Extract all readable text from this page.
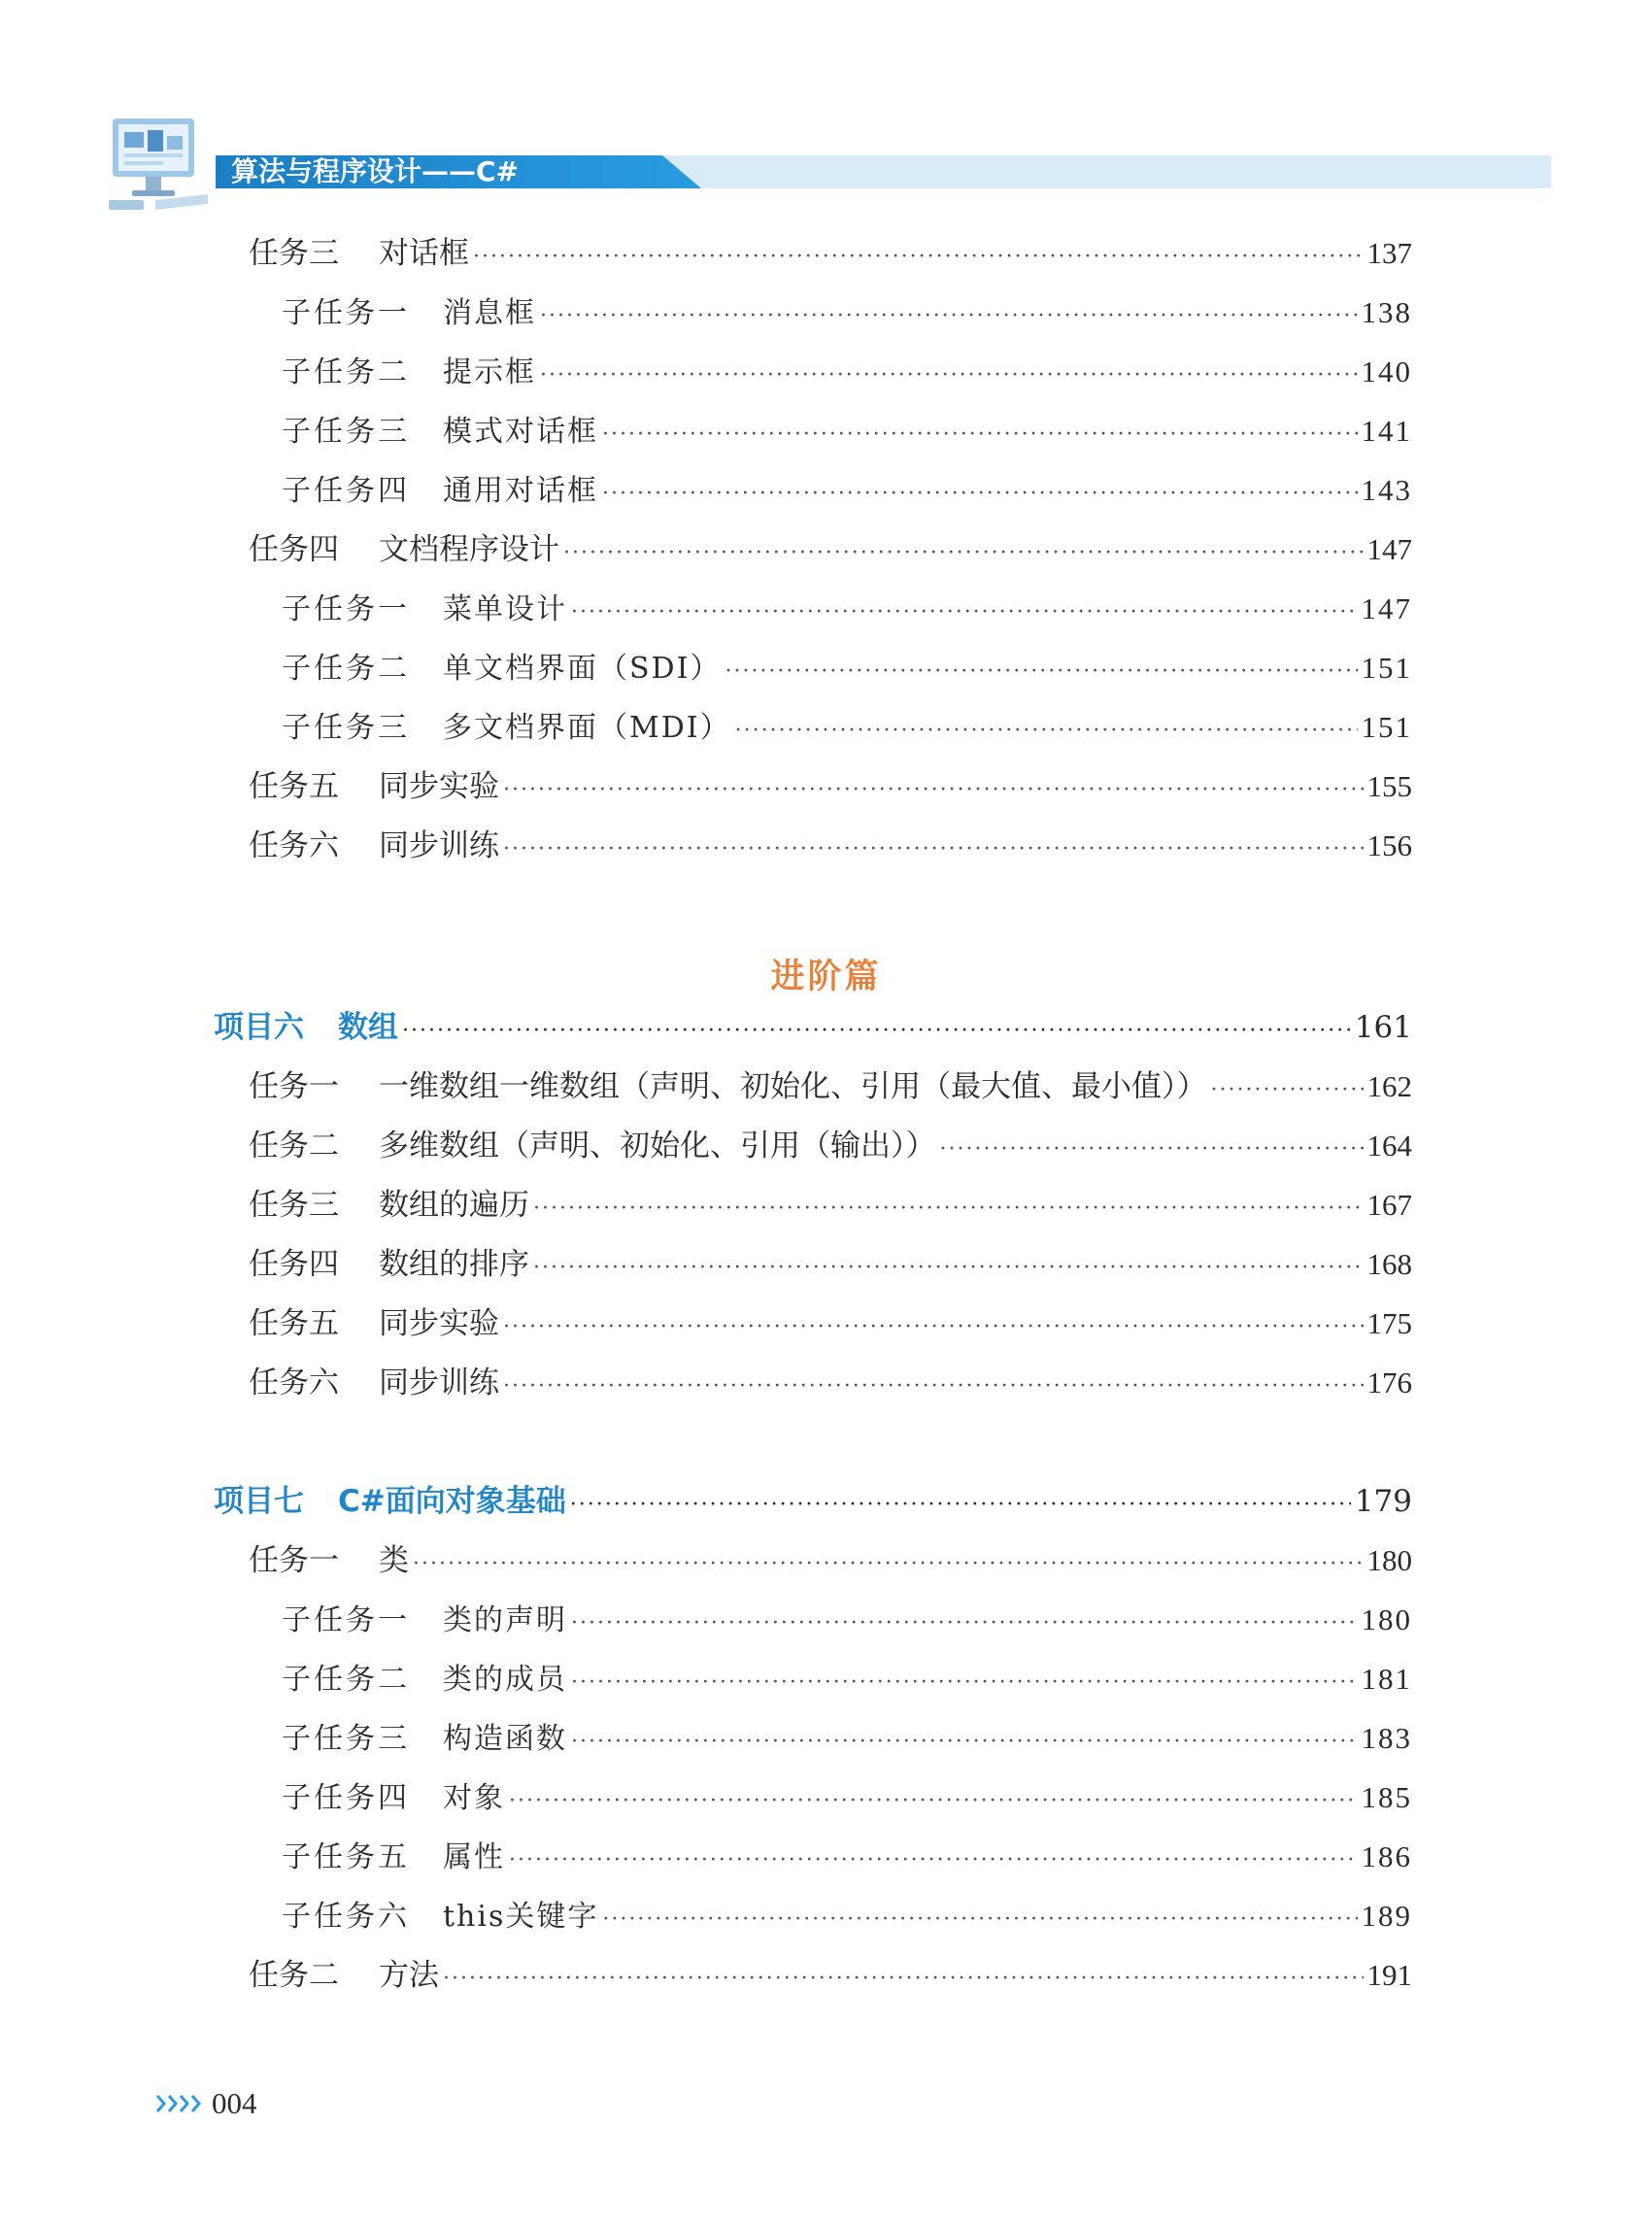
算法与程序设计——C#
任务三	对话框 ·····	137
子任务一	消息框 ·····	138
子任务二	提示框 ·····	140
子任务三	模式对话框 ·····	141
子任务四	通用对话框 ·····	143
任务四	文档程序设计 ·····	147
子任务一	菜单设计 ·····	147
子任务二	单文档界面（SDI） ·····	151
子任务三	多文档界面（MDI） ·····	151
任务五	同步实验 ·····	155
任务六	同步训练 ·····	156
进阶篇
项目六	数组 ·····	161
任务一	一维数组一维数组（声明、初始化、引用（最大值、最小值）） ·····	162
任务二	多维数组（声明、初始化、引用（输出）） ·····	164
任务三	数组的遍历 ·····	167
任务四	数组的排序 ·····	168
任务五	同步实验 ·····	175
任务六	同步训练 ·····	176
项目七	C#面向对象基础 ·····	179
任务一	类 ·····	180
子任务一	类的声明 ·····	180
子任务二	类的成员 ·····	181
子任务三	构造函数 ·····	183
子任务四	对象 ·····	185
子任务五	属性 ·····	186
子任务六	this关键字 ·····	189
任务二	方法 ·····	191
004
